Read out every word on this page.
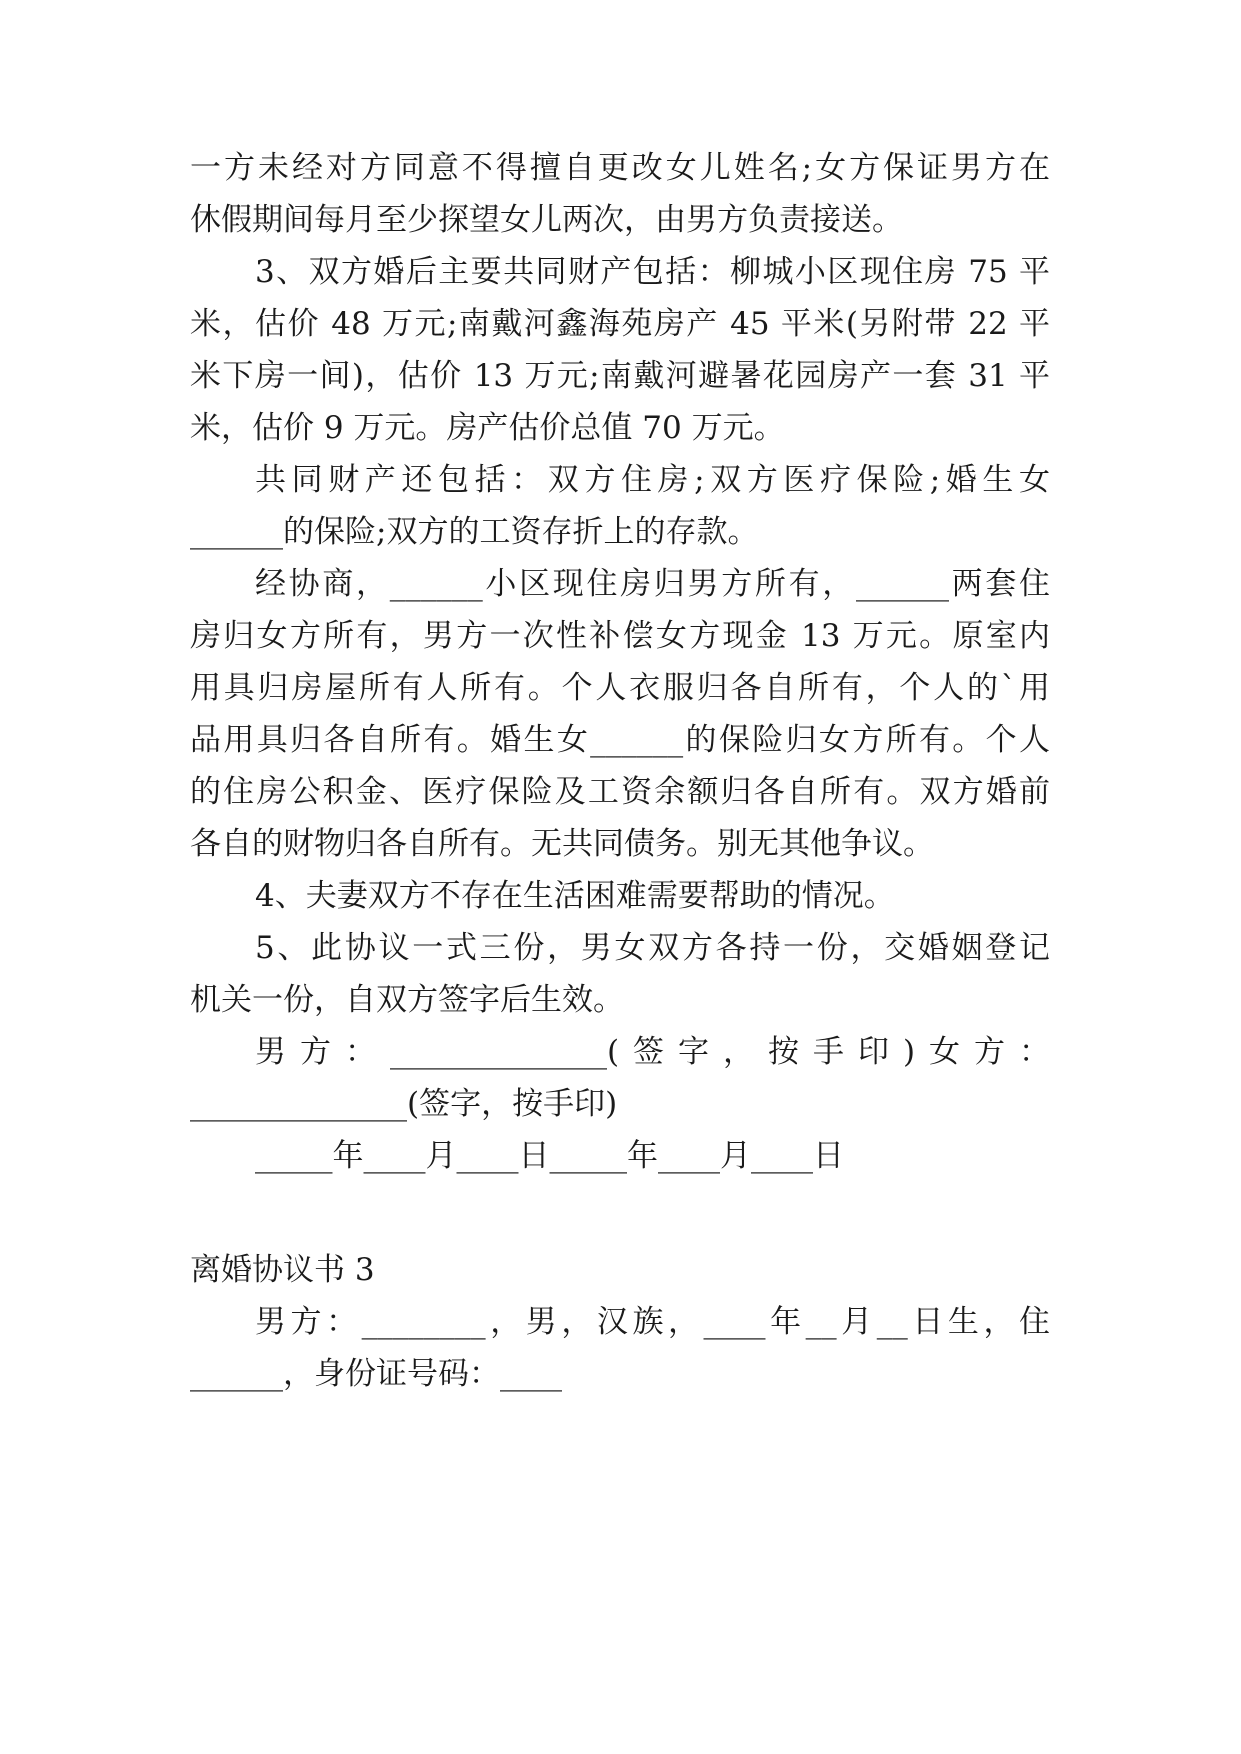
一方未经对方同意不得擅自更改女儿姓名;女方保证男方在
休假期间每月至少探望女儿两次，由男方负责接送。
3、双方婚后主要共同财产包括：柳城小区现住房 75 平
米，估价 48 万元;南戴河鑫海苑房产 45 平米(另附带 22 平
米下房一间)，估价 13 万元;南戴河避暑花园房产一套 31 平
米，估价 9 万元。房产估价总值 70 万元。
共同财产还包括：双方住房;双方医疗保险;婚生女
______的保险;双方的工资存折上的存款。
经协商，______小区现住房归男方所有，______两套住
房归女方所有，男方一次性补偿女方现金 13 万元。原室内
用具归房屋所有人所有。个人衣服归各自所有，个人的`用
品用具归各自所有。婚生女______的保险归女方所有。个人
的住房公积金、医疗保险及工资余额归各自所有。双方婚前
各自的财物归各自所有。无共同债务。别无其他争议。
4、夫妻双方不存在生活困难需要帮助的情况。
5、此协议一式三份，男女双方各持一份，交婚姻登记
机关一份，自双方签字后生效。
男方：______________(签字，按手印)女方：
______________(签字，按手印)
_____年____月____日_____年____月____日
离婚协议书 3
男方：________，男，汉族，____年__月__日生，住
______，身份证号码：____
